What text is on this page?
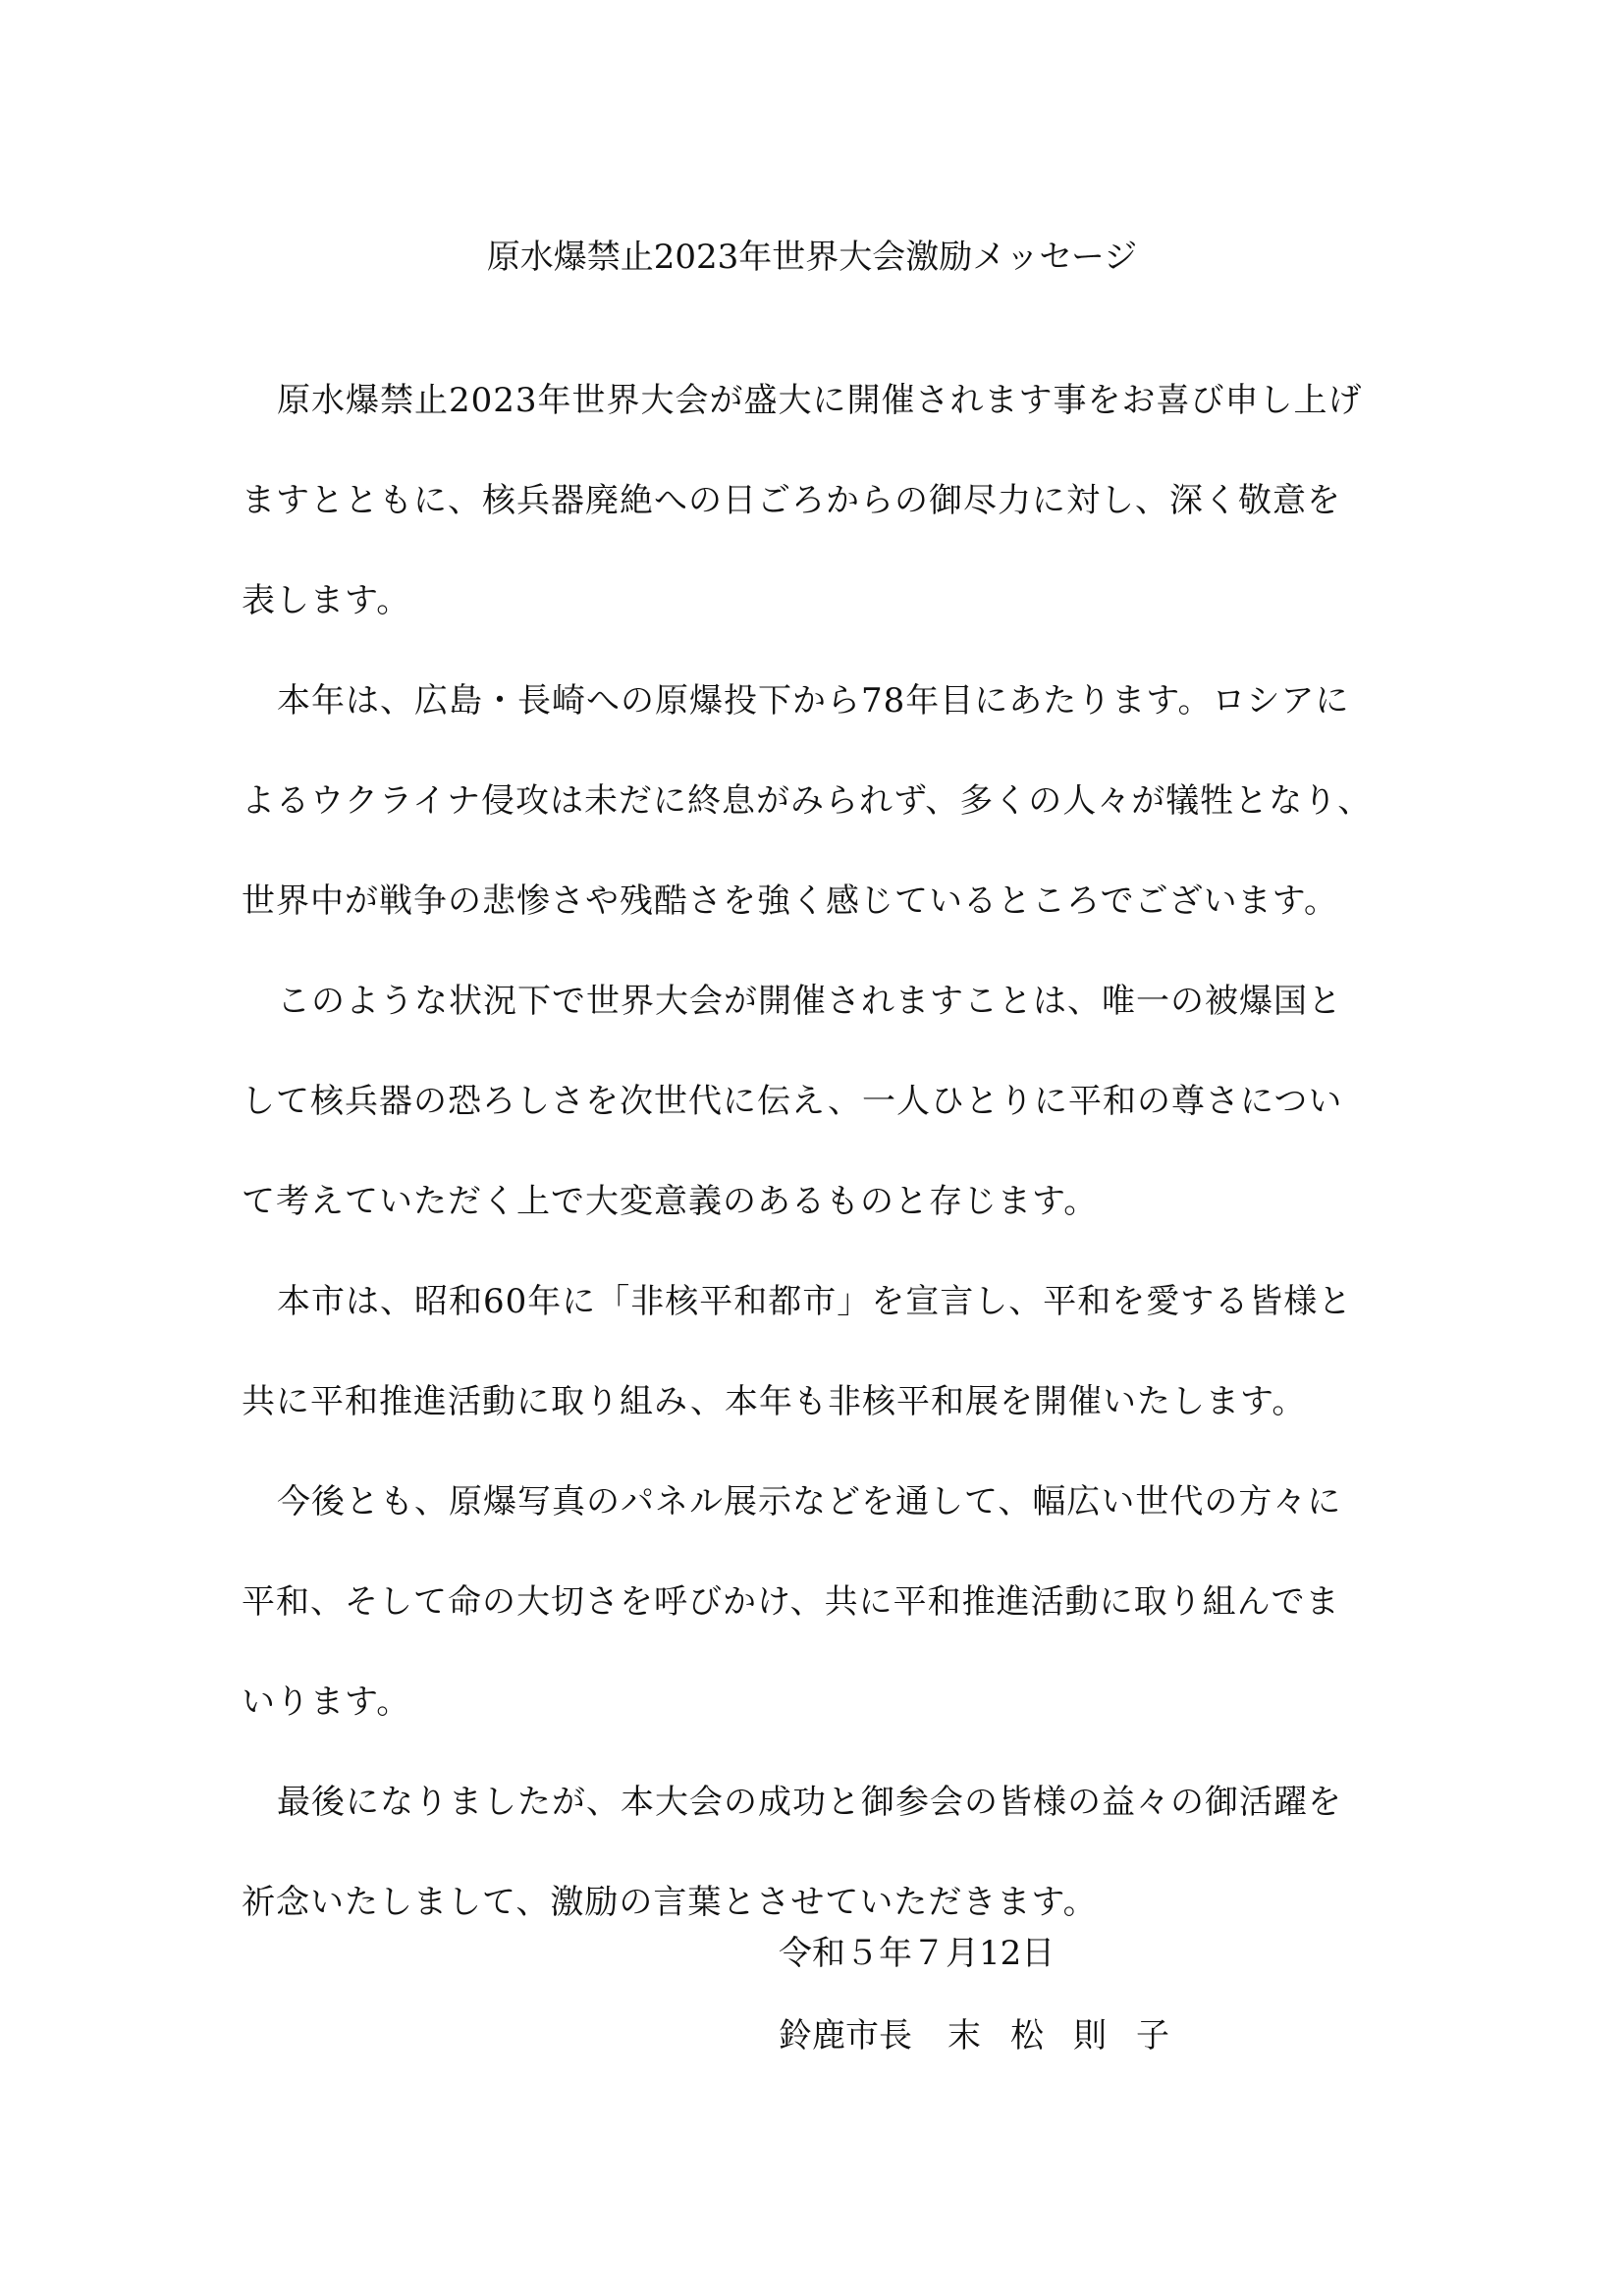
原水爆禁止2023年世界大会激励メッセージ
原水爆禁止2023年世界大会が盛大に開催されます事をお喜び申し上げ
ますとともに、核兵器廃絶への日ごろからの御尽力に対し、深く敬意を
表します。
本年は、広島・長崎への原爆投下から78年目にあたります。ロシアに
よるウクライナ侵攻は未だに終息がみられず、多くの人々が犠牲となり、
世界中が戦争の悲惨さや残酷さを強く感じているところでございます。
このような状況下で世界大会が開催されますことは、唯一の被爆国と
して核兵器の恐ろしさを次世代に伝え、一人ひとりに平和の尊さについ
て考えていただく上で大変意義のあるものと存じます。
本市は、昭和60年に「非核平和都市」を宣言し、平和を愛する皆様と
共に平和推進活動に取り組み、本年も非核平和展を開催いたします。
今後とも、原爆写真のパネル展示などを通して、幅広い世代の方々に
平和、そして命の大切さを呼びかけ、共に平和推進活動に取り組んでま
いります。
最後になりましたが、本大会の成功と御参会の皆様の益々の御活躍を
祈念いたしまして、激励の言葉とさせていただきます。
令和５年７月12日
鈴鹿市長 末松則子
